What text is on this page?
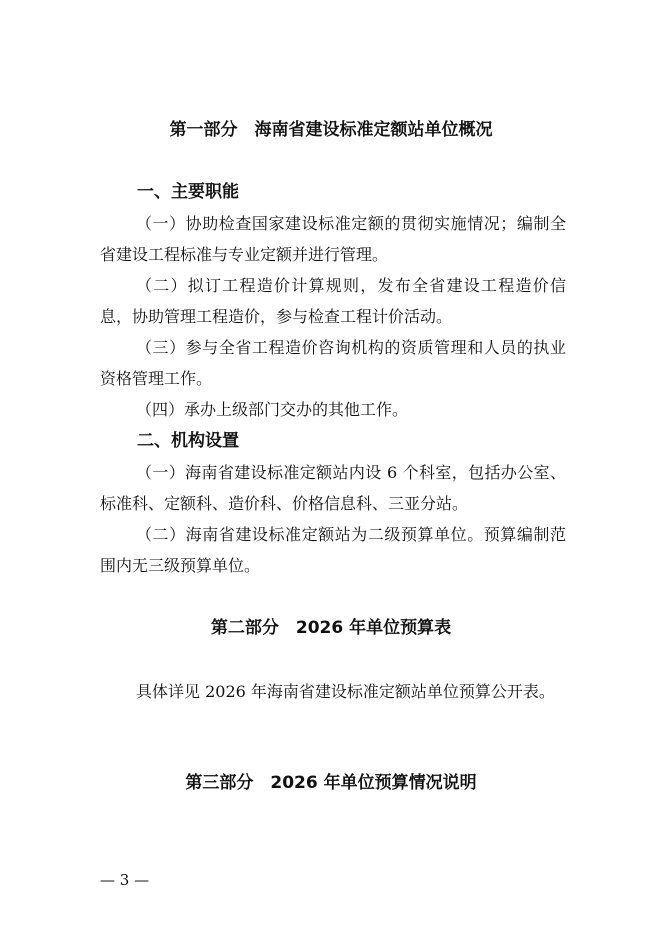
第一部分　海南省建设标准定额站单位概况
一、主要职能
（一）协助检查国家建设标准定额的贯彻实施情况；编制全省建设工程标准与专业定额并进行管理。
（二）拟订工程造价计算规则，发布全省建设工程造价信息，协助管理工程造价，参与检查工程计价活动。
（三）参与全省工程造价咨询机构的资质管理和人员的执业资格管理工作。
（四）承办上级部门交办的其他工作。
二、机构设置
（一）海南省建设标准定额站内设 6 个科室，包括办公室、标准科、定额科、造价科、价格信息科、三亚分站。
（二）海南省建设标准定额站为二级预算单位。预算编制范围内无三级预算单位。
第二部分　2026 年单位预算表
具体详见 2026 年海南省建设标准定额站单位预算公开表。
第三部分　2026 年单位预算情况说明
— 3 —
